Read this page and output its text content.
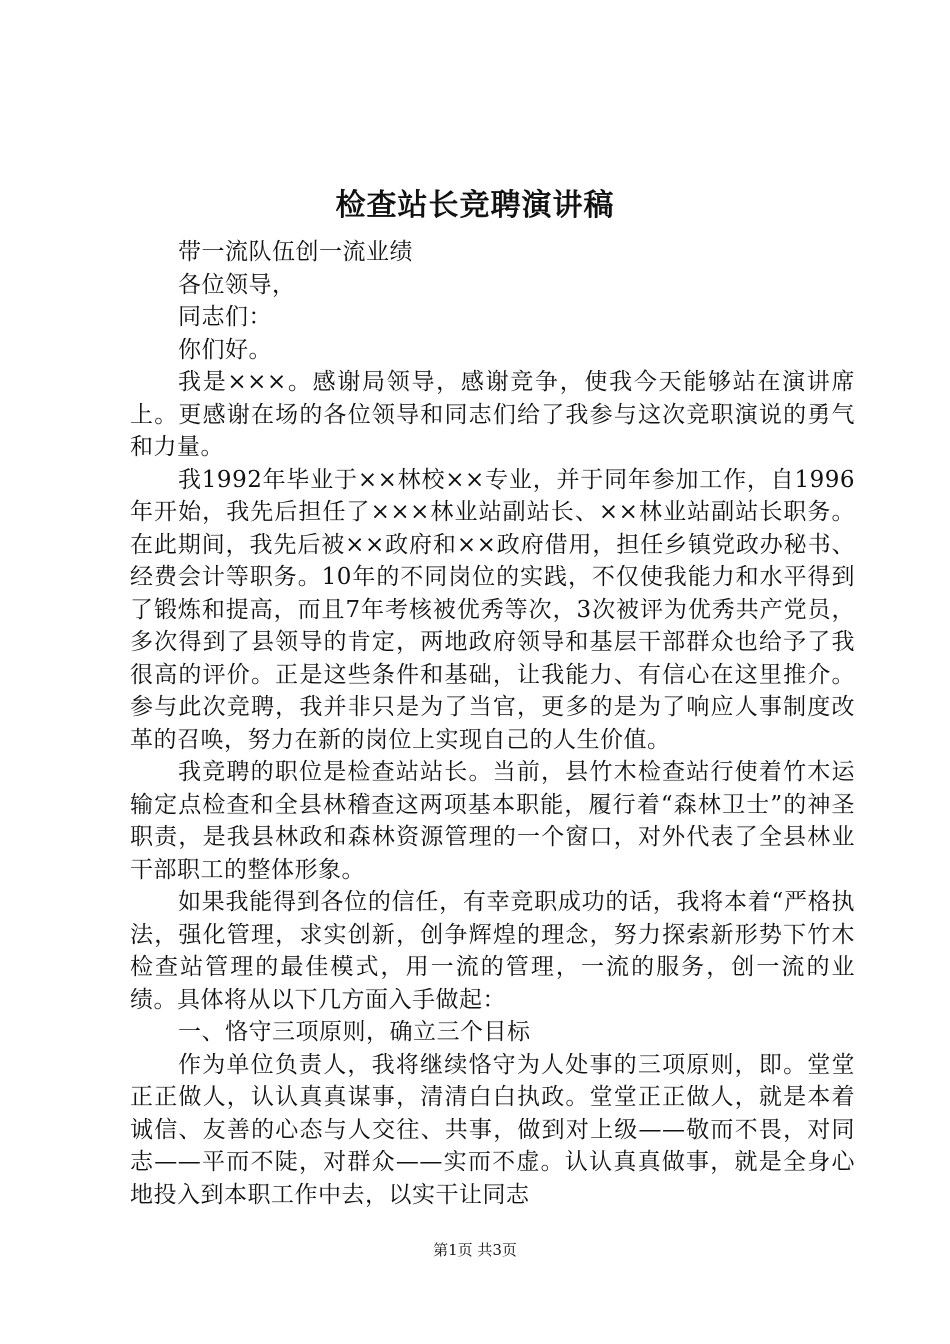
检查站长竞聘演讲稿

带一流队伍创一流业绩

各位领导，

同志们：

你们好。

我是×××。感谢局领导，感谢竞争，使我今天能够站在演讲席上。更感谢在场的各位领导和同志们给了我参与这次竞职演说的勇气和力量。

我1992年毕业于××林校××专业，并于同年参加工作，自1996年开始，我先后担任了×××林业站副站长、××林业站副站长职务。在此期间，我先后被××政府和××政府借用，担任乡镇党政办秘书、经费会计等职务。10年的不同岗位的实践，不仅使我能力和水平得到了锻炼和提高，而且7年考核被优秀等次，3次被评为优秀共产党员，多次得到了县领导的肯定，两地政府领导和基层干部群众也给予了我很高的评价。正是这些条件和基础，让我能力、有信心在这里推介。参与此次竞聘，我并非只是为了当官，更多的是为了响应人事制度改革的召唤，努力在新的岗位上实现自己的人生价值。

我竞聘的职位是检查站站长。当前，县竹木检查站行使着竹木运输定点检查和全县林稽查这两项基本职能，履行着“森林卫士”的神圣职责，是我县林政和森林资源管理的一个窗口，对外代表了全县林业干部职工的整体形象。

如果我能得到各位的信任，有幸竞职成功的话，我将本着“严格执法，强化管理，求实创新，创争辉煌的理念，努力探索新形势下竹木检查站管理的最佳模式，用一流的管理，一流的服务，创一流的业绩。具体将从以下几方面入手做起：

一、恪守三项原则，确立三个目标

作为单位负责人，我将继续恪守为人处事的三项原则，即。堂堂正正做人，认认真真谋事，清清白白执政。堂堂正正做人，就是本着诚信、友善的心态与人交往、共事，做到对上级——敬而不畏，对同志——平而不陡，对群众——实而不虚。认认真真做事，就是全身心地投入到本职工作中去，以实干让同志

第1页 共3页
